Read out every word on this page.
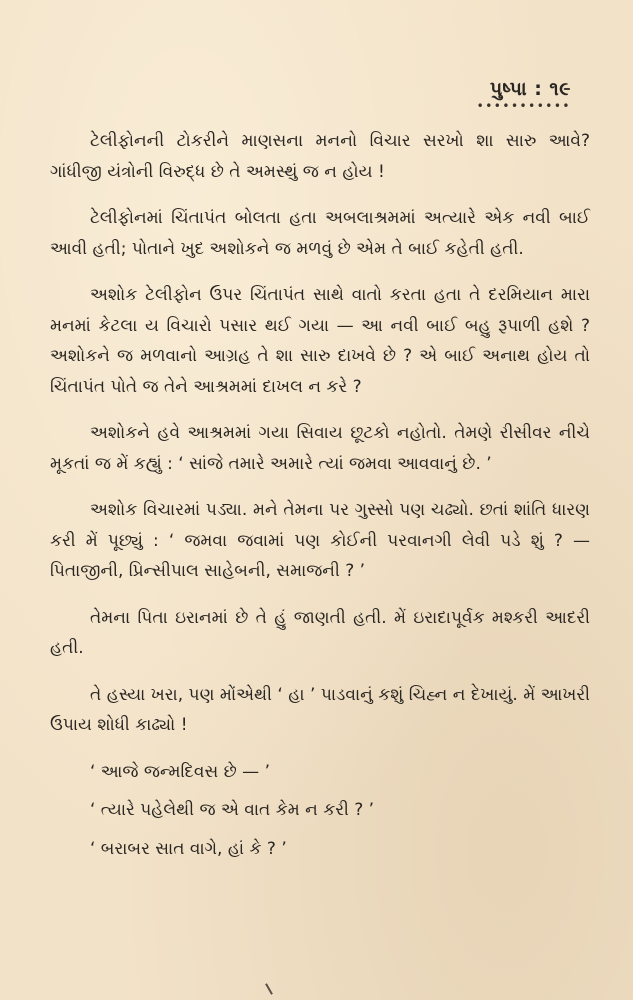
પુષ્પા : ૧૯
•••••••••••

ટેલીફોનની ટોકરીને માણસના મનનો વિચાર સરખો શા સારુ આવે? ગાંધીજી યંત્રોની વિરુદ્ધ છે તે અમસ્થું જ ન હોય !

ટેલીફોનમાં ચિંતાપંત બોલતા હતા અબલાશ્રમમાં અત્યારે એક નવી બાઈ આવી હતી; પોતાને ખુદ અશોકને જ મળવું છે એમ તે બાઈ કહેતી હતી.

અશોક ટેલીફોન ઉપર ચિંતાપંત સાથે વાતો કરતા હતા તે દરમિયાન મારા મનમાં કેટલા ય વિચારો પસાર થઈ ગયા — આ નવી બાઈ બહુ રૂપાળી હશે ? અશોકને જ મળવાનો આગ્રહ તે શા સારુ દાખવે છે ? એ બાઈ અનાથ હોય તો ચિંતાપંત પોતે જ તેને આશ્રમમાં દાખલ ન કરે ?

અશોકને હવે આશ્રમમાં ગયા સિવાય છૂટકો નહોતો. તેમણે રીસીવર નીચે મૂકતાં જ મેં કહ્યું : ‘ સાંજે તમારે અમારે ત્યાં જમવા આવવાનું છે. ’

અશોક વિચારમાં પડ્યા. મને તેમના પર ગુસ્સો પણ ચઢ્યો. છતાં શાંતિ ધારણ કરી મેં પૂછ્યું : ‘ જમવા જવામાં પણ કોઈની પરવાનગી લેવી પડે શું ? — પિતાજીની, પ્રિન્સીપાલ સાહેબની, સમાજની ? ’

તેમના પિતા ઇરાનમાં છે તે હું જાણતી હતી. મેં ઇરાદાપૂર્વક મશ્કરી આદરી હતી.

તે હસ્યા ખરા, પણ મોંએથી ‘ હા ’ પાડવાનું કશું ચિહ્ન ન દેખાયું. મેં આખરી ઉપાય શોધી કાઢ્યો !

‘ આજે જન્મદિવસ છે — ’

‘ ત્યારે પહેલેથી જ એ વાત કેમ ન કરી ? ’

‘ બરાબર સાત વાગે, હાં કે ? ’
